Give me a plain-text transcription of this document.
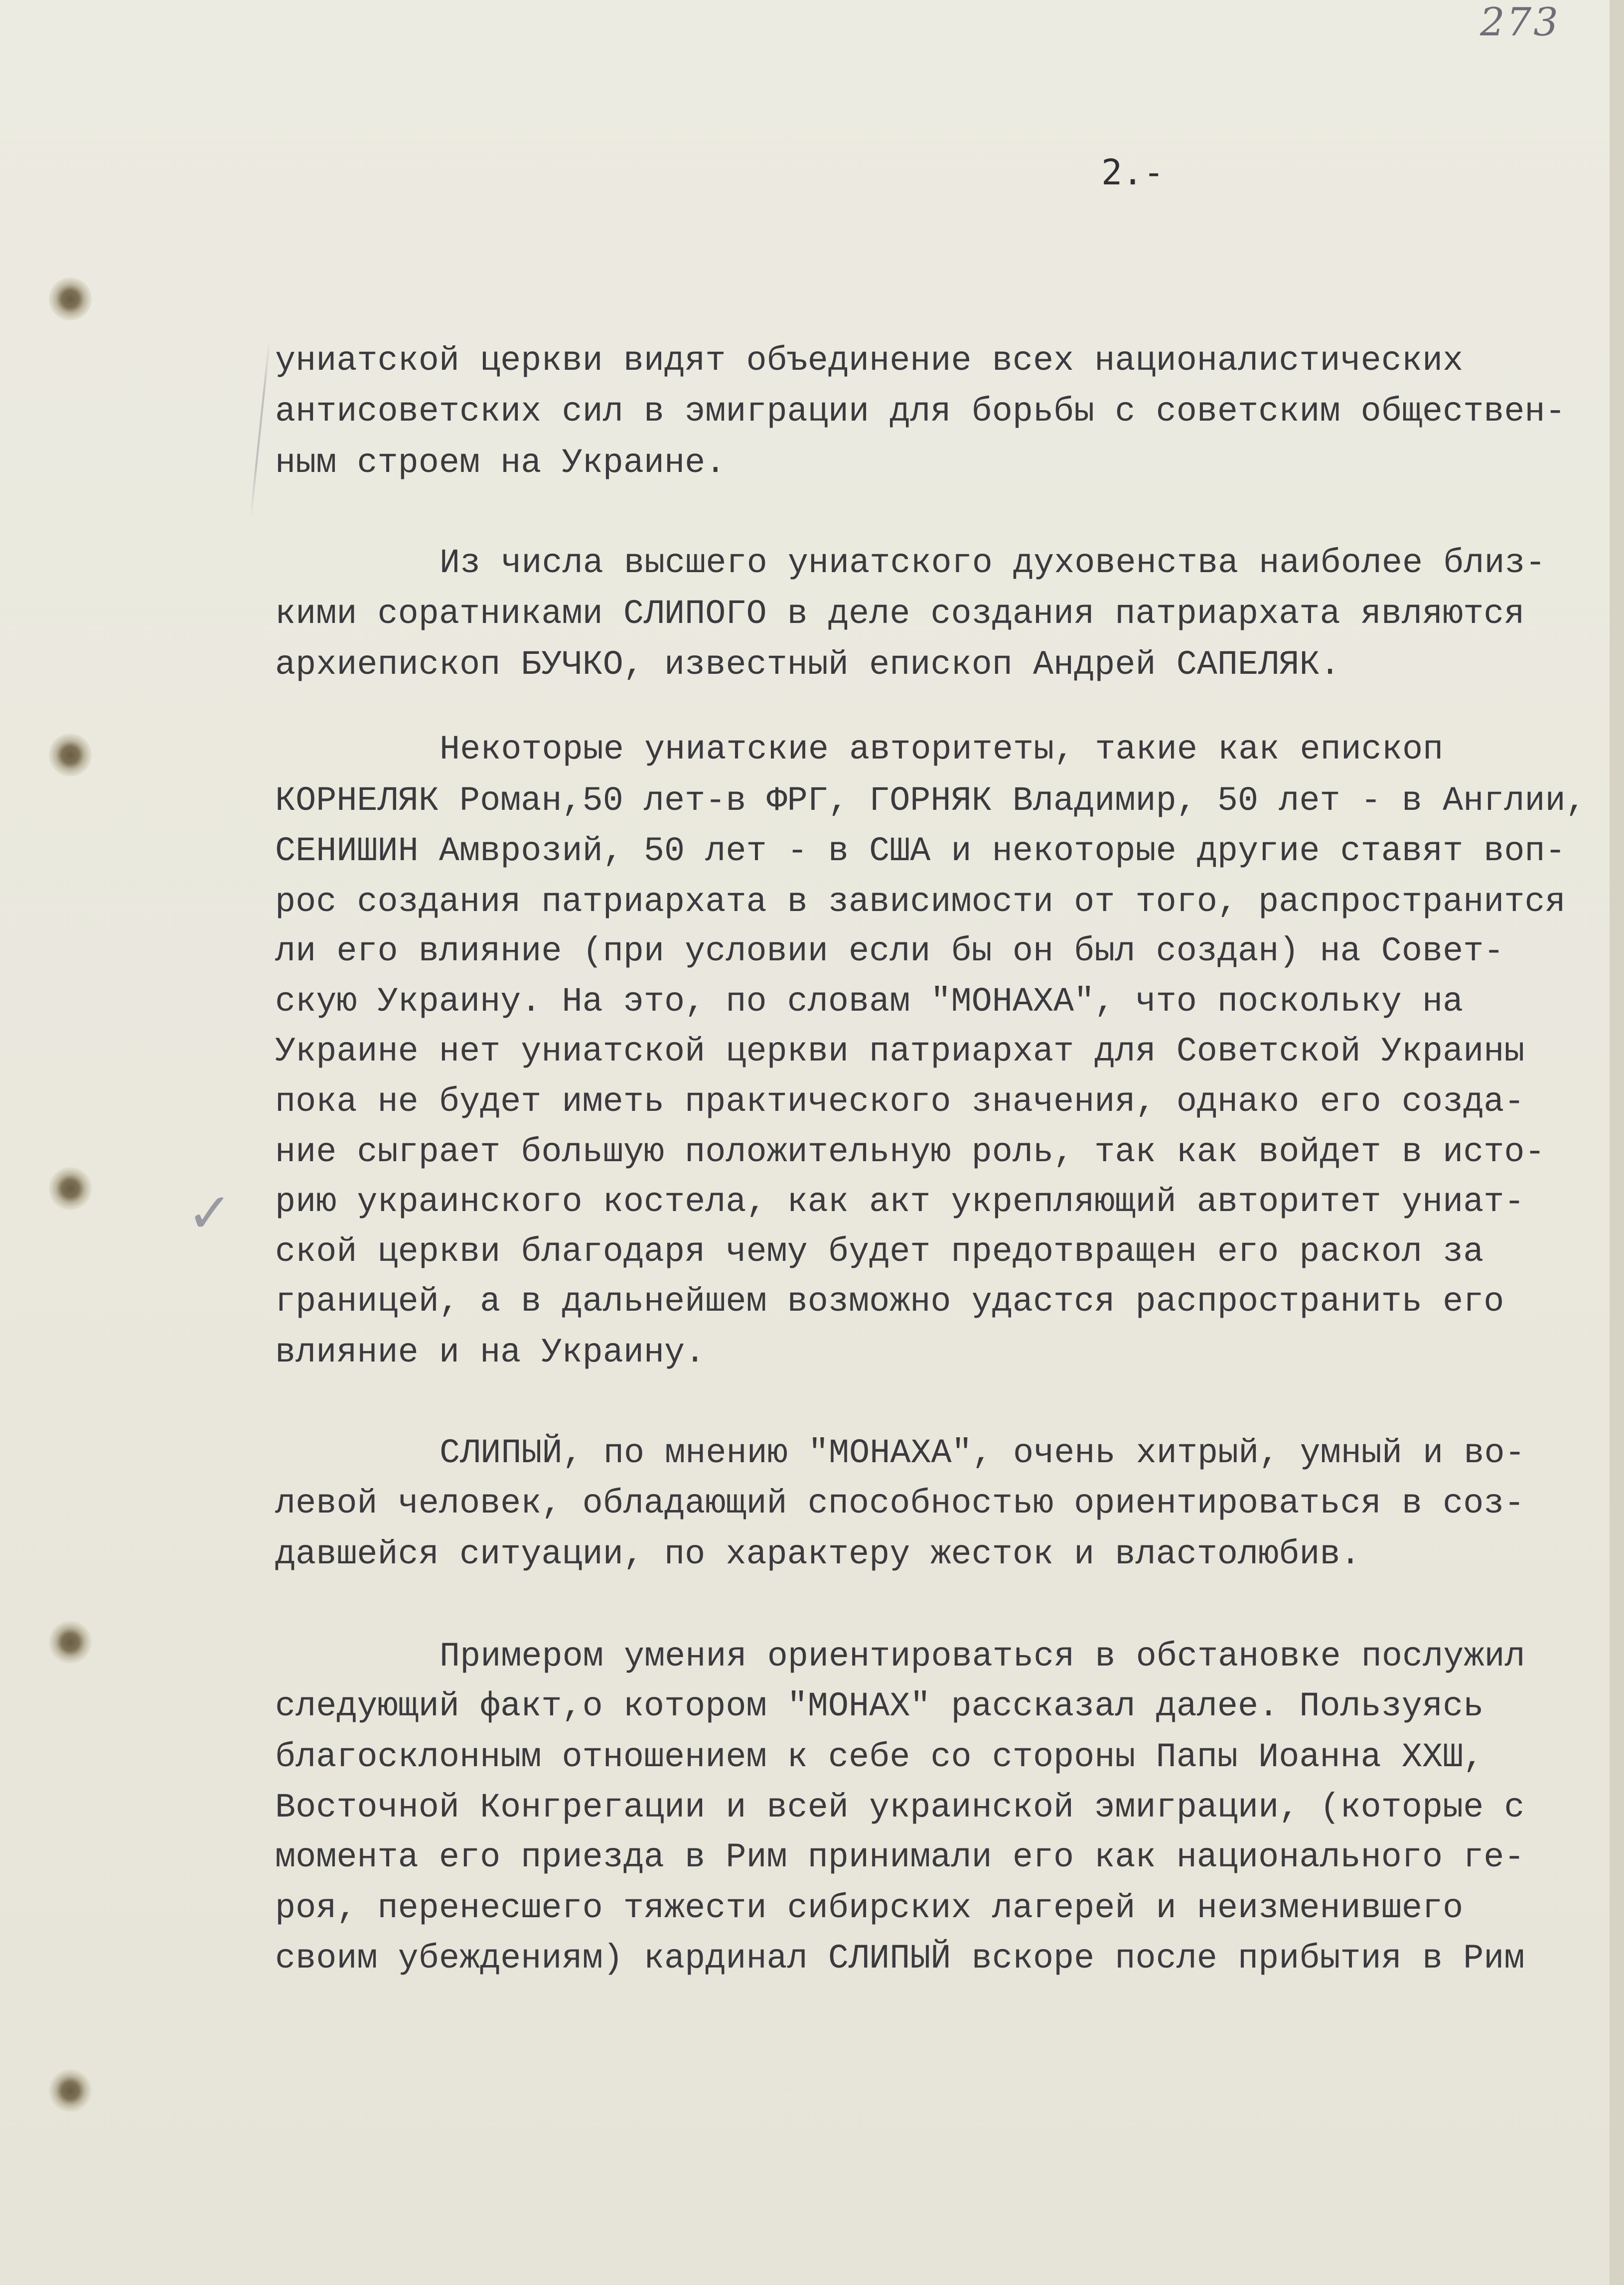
273
2.-
✓
униатской церкви видят объединение всех националистических
антисоветских сил в эмиграции для борьбы с советским обществен-
ным строем на Украине.
Из числа высшего униатского духовенства наиболее близ-
кими соратниками СЛИПОГО в деле создания патриархата являются
архиепископ БУЧКО, известный епископ Андрей САПЕЛЯК.
Некоторые униатские авторитеты, такие как епископ
КОРНЕЛЯК Роман,50 лет-в ФРГ, ГОРНЯК Владимир, 50 лет - в Англии,
СЕНИШИН Амврозий, 50 лет - в США и некоторые другие ставят воп-
рос создания патриархата в зависимости от того, распространится
ли его влияние (при условии если бы он был создан) на Совет-
скую Украину. На это, по словам "МОНАХА", что поскольку на
Украине нет униатской церкви патриархат для Советской Украины
пока не будет иметь практического значения, однако его созда-
ние сыграет большую положительную роль, так как войдет в исто-
рию украинского костела, как акт укрепляющий авторитет униат-
ской церкви благодаря чему будет предотвращен его раскол за
границей, а в дальнейшем возможно удастся распространить его
влияние и на Украину.
СЛИПЫЙ, по мнению "МОНАХА", очень хитрый, умный и во-
левой человек, обладающий способностью ориентироваться в соз-
давшейся ситуации, по характеру жесток и властолюбив.
Примером умения ориентироваться в обстановке послужил
следующий факт,о котором "МОНАХ" рассказал далее. Пользуясь
благосклонным отношением к себе со стороны Папы Иоанна ХХШ,
Восточной Конгрегации и всей украинской эмиграции, (которые с
момента его приезда в Рим принимали его как национального ге-
роя, перенесшего тяжести сибирских лагерей и неизменившего
своим убеждениям) кардинал СЛИПЫЙ вскоре после прибытия в Рим
